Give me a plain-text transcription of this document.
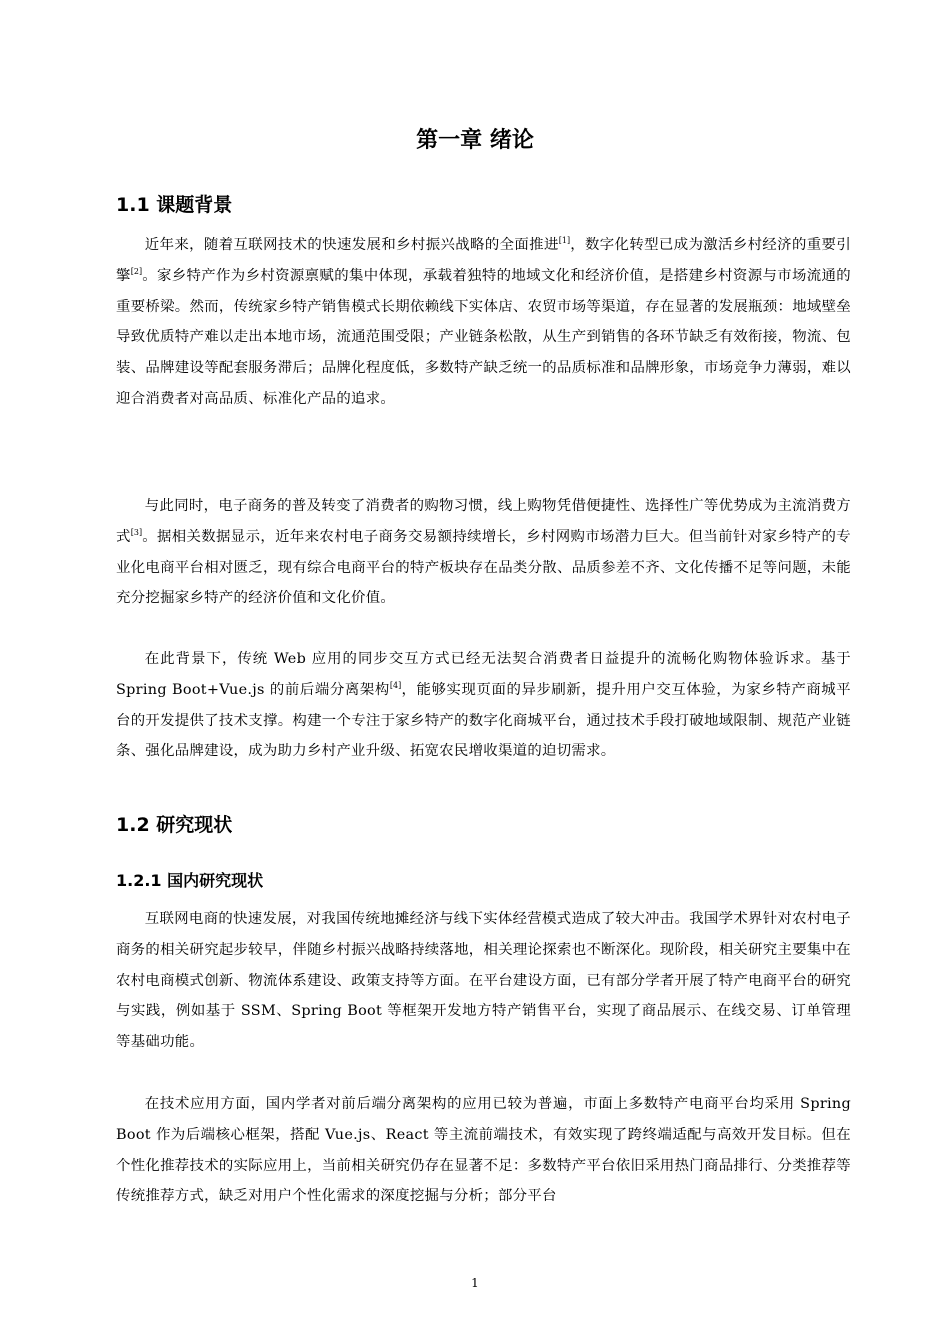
第一章 绪论
1.1 课题背景

近年来，随着互联网技术的快速发展和乡村振兴战略的全面推进[1]，数字化转型已成为激活乡村经济的重要引擎[2]。家乡特产作为乡村资源禀赋的集中体现，承载着独特的地域文化和经济价值，是搭建乡村资源与市场流通的重要桥梁。然而，传统家乡特产销售模式长期依赖线下实体店、农贸市场等渠道，存在显著的发展瓶颈：地域壁垒导致优质特产难以走出本地市场，流通范围受限；产业链条松散，从生产到销售的各环节缺乏有效衔接，物流、包装、品牌建设等配套服务滞后；品牌化程度低，多数特产缺乏统一的品质标准和品牌形象，市场竞争力薄弱，难以迎合消费者对高品质、标准化产品的追求。

与此同时，电子商务的普及转变了消费者的购物习惯，线上购物凭借便捷性、选择性广等优势成为主流消费方式[3]。据相关数据显示，近年来农村电子商务交易额持续增长，乡村网购市场潜力巨大。但当前针对家乡特产的专业化电商平台相对匮乏，现有综合电商平台的特产板块存在品类分散、品质参差不齐、文化传播不足等问题，未能充分挖掘家乡特产的经济价值和文化价值。

在此背景下，传统 Web 应用的同步交互方式已经无法契合消费者日益提升的流畅化购物体验诉求。基于 Spring Boot+Vue.js 的前后端分离架构[4]，能够实现页面的异步刷新，提升用户交互体验，为家乡特产商城平台的开发提供了技术支撑。构建一个专注于家乡特产的数字化商城平台，通过技术手段打破地域限制、规范产业链条、强化品牌建设，成为助力乡村产业升级、拓宽农民增收渠道的迫切需求。

1.2 研究现状
1.2.1 国内研究现状

互联网电商的快速发展，对我国传统地摊经济与线下实体经营模式造成了较大冲击。我国学术界针对农村电子商务的相关研究起步较早，伴随乡村振兴战略持续落地，相关理论探索也不断深化。现阶段，相关研究主要集中在农村电商模式创新、物流体系建设、政策支持等方面。在平台建设方面，已有部分学者开展了特产电商平台的研究与实践，例如基于 SSM、Spring Boot 等框架开发地方特产销售平台，实现了商品展示、在线交易、订单管理等基础功能。

在技术应用方面，国内学者对前后端分离架构的应用已较为普遍，市面上多数特产电商平台均采用 Spring Boot 作为后端核心框架，搭配 Vue.js、React 等主流前端技术，有效实现了跨终端适配与高效开发目标。但在个性化推荐技术的实际应用上，当前相关研究仍存在显著不足：多数特产平台依旧采用热门商品排行、分类推荐等传统推荐方式，缺乏对用户个性化需求的深度挖掘与分析；部分平台

1
